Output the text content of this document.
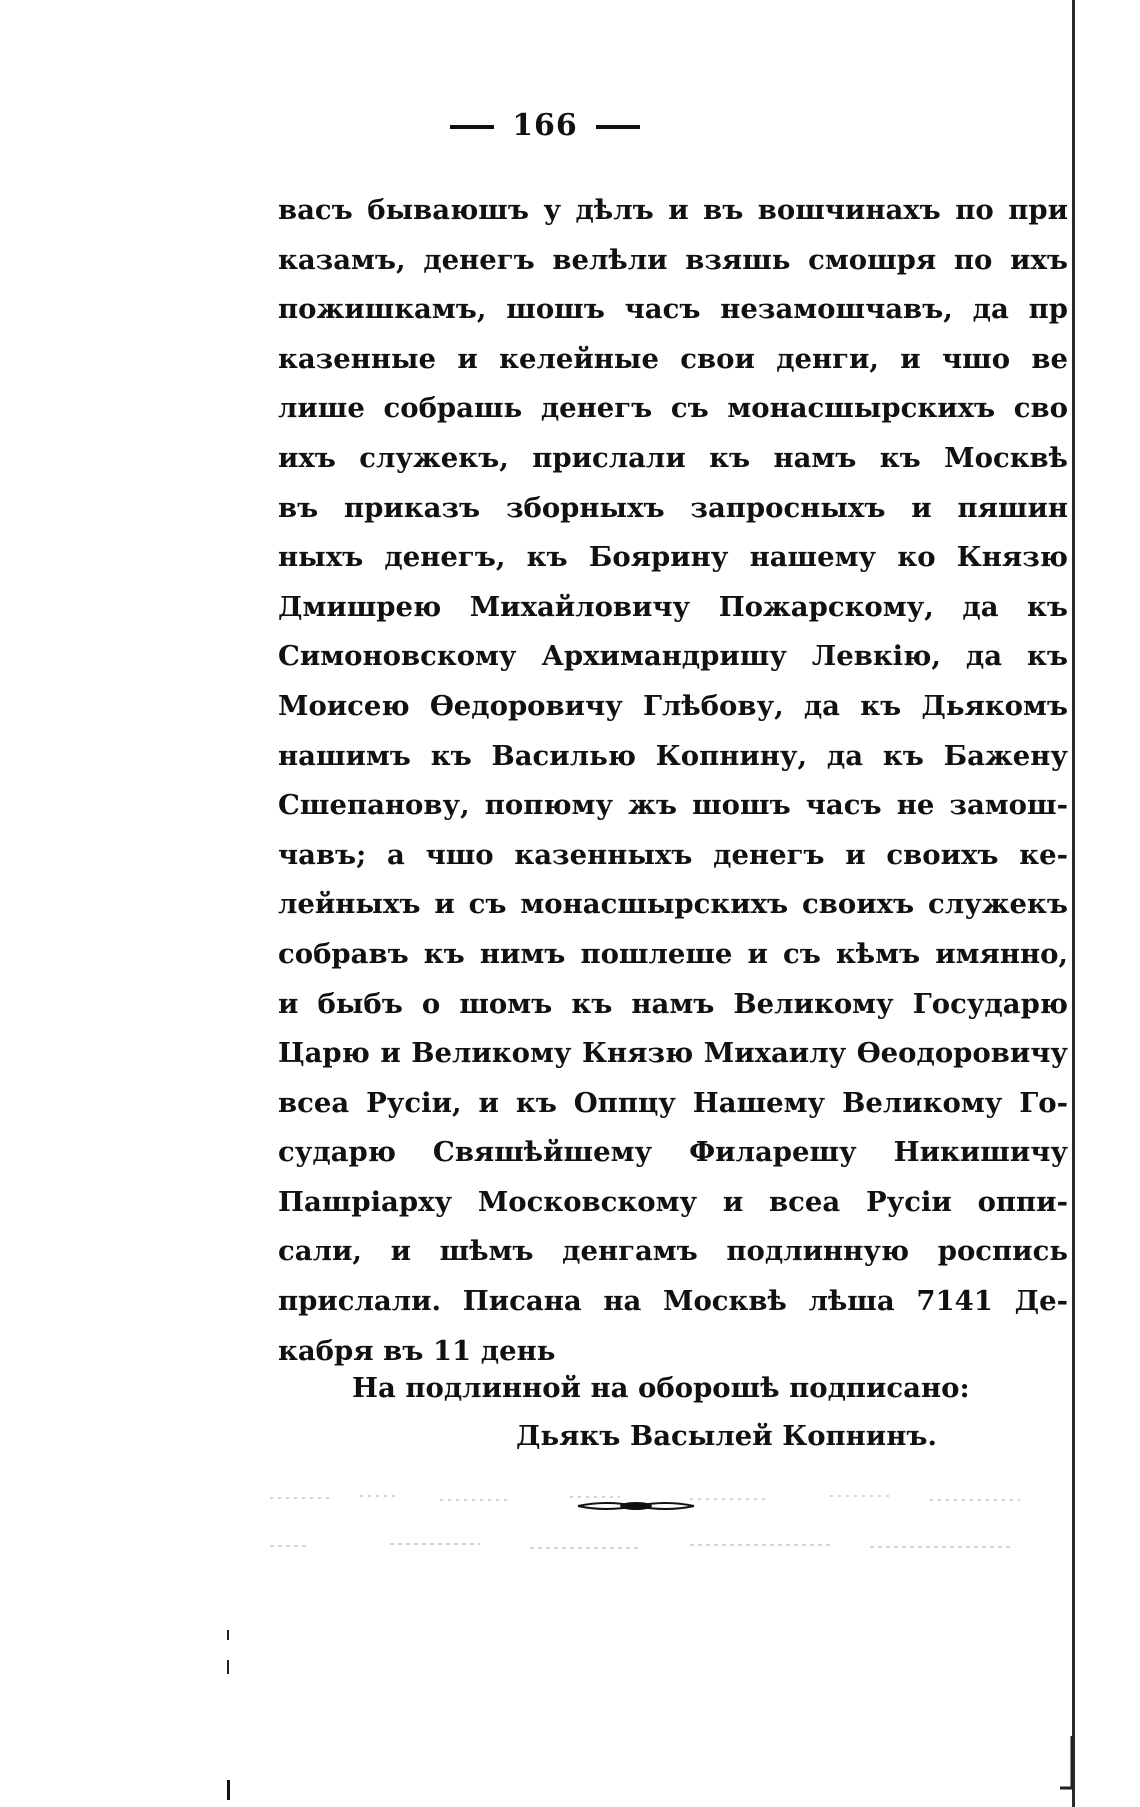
166
васъ бываюшъ у дѣлъ и въ вошчинахъ по при
казамъ, денегъ велѣли взяшь смошря по ихъ
пожишкамъ, шошъ часъ незамошчавъ, да пр
казенные и келейные свои денги, и чшо ве
лише собрашь денегъ съ монасшырскихъ сво
ихъ служекъ, прислали къ намъ къ Москвѣ
въ приказъ зборныхъ запросныхъ и пяшин
ныхъ денегъ, къ Боярину нашему ко Князю
Дмишрею Михайловичу Пожарскому, да къ
Симоновскому Архимандришу Левкію, да къ
Моисею Ѳедоровичу Глѣбову, да къ Дьякомъ
нашимъ къ Василью Копнину, да къ Бажену
Сшепанову, попюму жъ шошъ часъ не замош-
чавъ; а чшо казенныхъ денегъ и своихъ ке-
лейныхъ и съ монасшырскихъ своихъ служекъ
собравъ къ нимъ пошлеше и съ кѣмъ имянно,
и быбъ о шомъ къ намъ Великому Государю
Царю и Великому Князю Михаилу Ѳеодоровичу
всеа Русіи, и къ Оппцу Нашему Великому Го-
сударю Свяшѣйшему Филарешу Никишичу
Пашріарху Московскому и всеа Русіи оппи-
сали, и шѣмъ денгамъ подлинную роспись
прислали. Писана на Москвѣ лѣша 7141 Де-
кабря въ 11 день
На подлинной на оборошѣ подписано:
Дьякъ Васылей Копнинъ.
